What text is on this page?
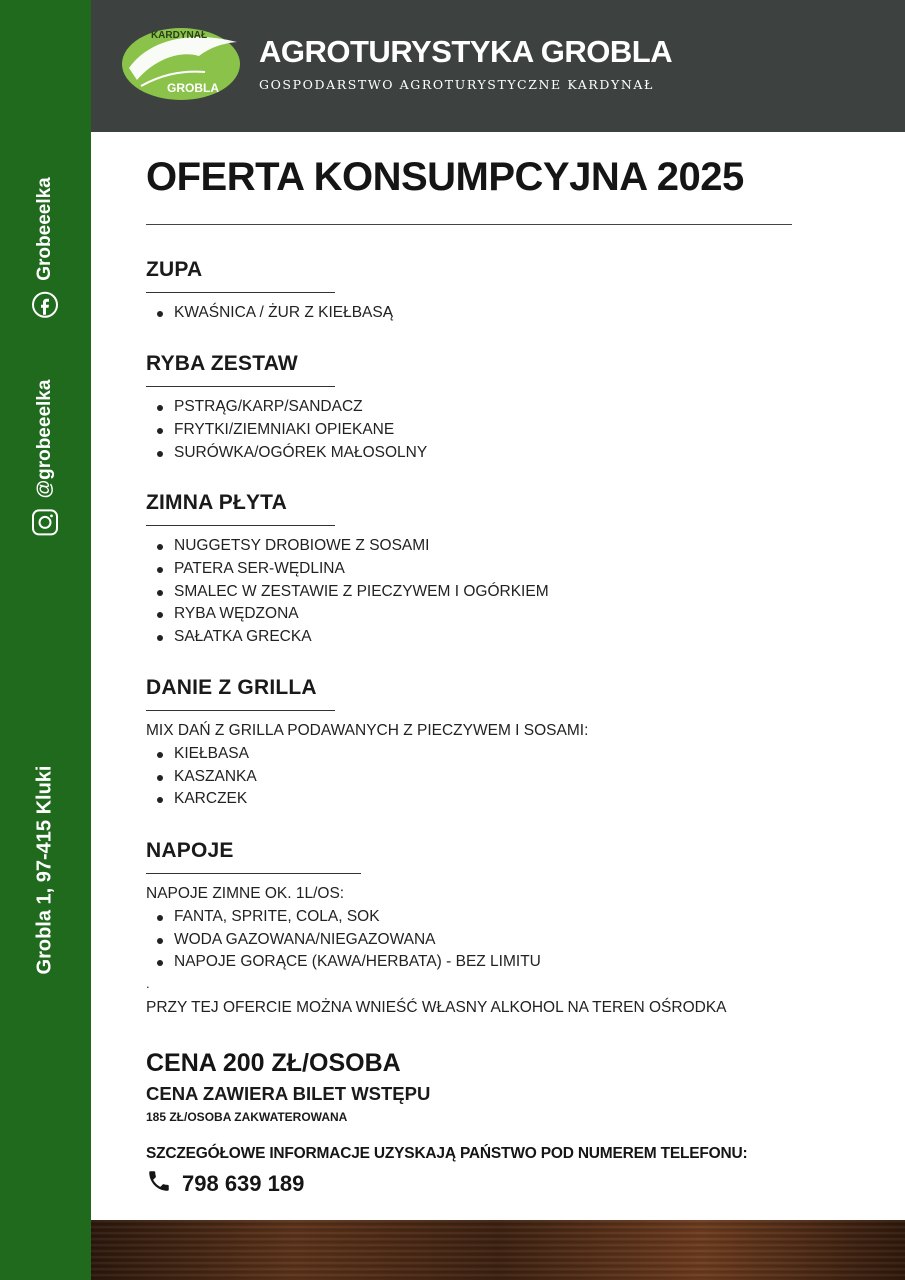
Grobeeelka
@grobeeelka
Grobla 1, 97-415 Kluki
KARDYNAŁ
GROBLA
AGROTURYSTYKA GROBLA
GOSPODARSTWO AGROTURYSTYCZNE KARDYNAŁ
OFERTA KONSUMPCYJNA 2025
ZUPA
KWAŚNICA / ŻUR Z KIEŁBASĄ
RYBA ZESTAW
PSTRĄG/KARP/SANDACZ
FRYTKI/ZIEMNIAKI OPIEKANE
SURÓWKA/OGÓREK MAŁOSOLNY
ZIMNA PŁYTA
NUGGETSY DROBIOWE Z SOSAMI
PATERA SER-WĘDLINA
SMALEC W ZESTAWIE Z PIECZYWEM I OGÓRKIEM
RYBA WĘDZONA
SAŁATKA GRECKA
DANIE Z GRILLA
MIX DAŃ Z GRILLA PODAWANYCH Z PIECZYWEM I SOSAMI:
KIEŁBASA
KASZANKA
KARCZEK
NAPOJE
NAPOJE ZIMNE OK. 1L/OS:
FANTA, SPRITE, COLA, SOK
WODA GAZOWANA/NIEGAZOWANA
NAPOJE GORĄCE (KAWA/HERBATA) - BEZ LIMITU
.
PRZY TEJ OFERCIE MOŻNA WNIEŚĆ WŁASNY ALKOHOL NA TEREN OŚRODKA
CENA 200 ZŁ/OSOBA
CENA ZAWIERA BILET WSTĘPU
185 ZŁ/OSOBA ZAKWATEROWANA
SZCZEGÓŁOWE INFORMACJE UZYSKAJĄ PAŃSTWO POD NUMEREM TELEFONU:
798 639 189
